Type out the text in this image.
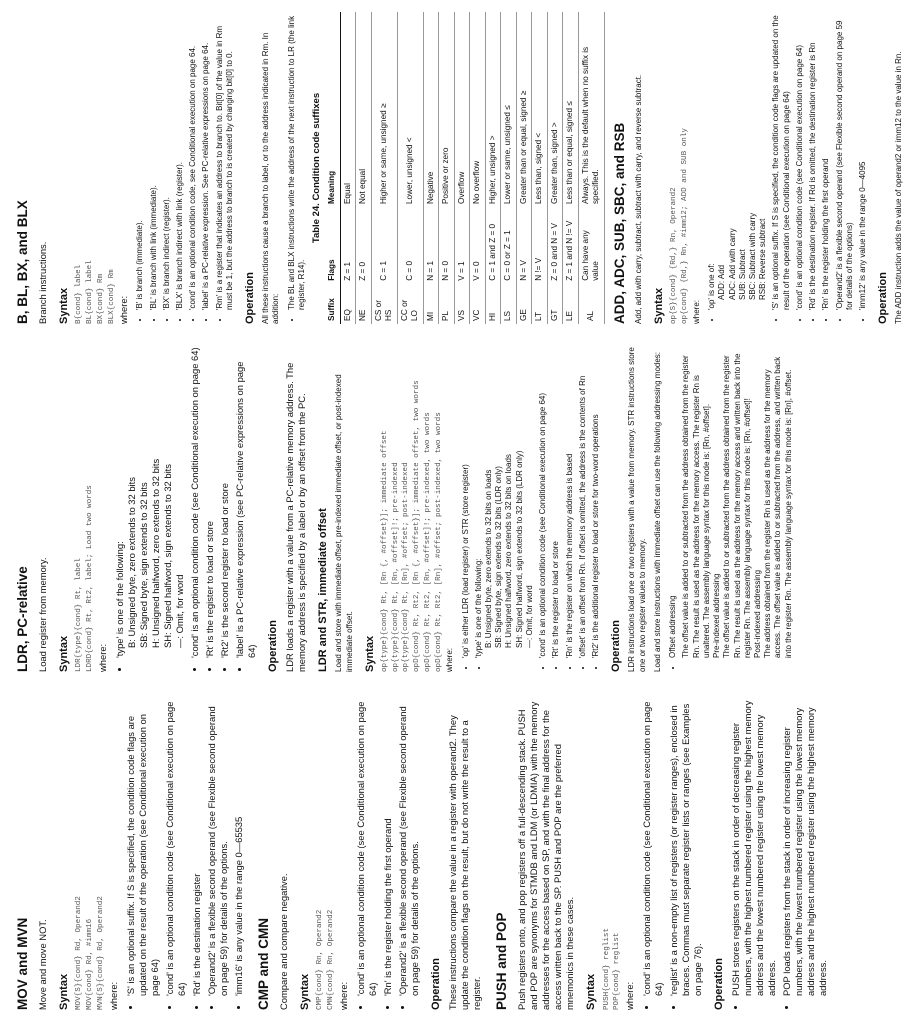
MOV and MVN Move and move NOT. Syntax MOV{S}{cond} Rd, Operand2 MOV{cond} Rd, #imm16 MVN{S}{cond} Rd, Operand2 where: • 'S' is an optional suffix. If S is specified, the condition code flags are updated on the result of the operation (see Conditional execution on page 64) • 'cond' is an optional condition code (see Conditional execution on page 64) • 'Rd' is the destination register • 'Operand2' is a flexible second operand (see Flexible second operand on page 59) for details of the options. • 'imm16' is any value in the range 0—65535 CMP and CMN Compare and compare negative. Syntax CMP{cond} Rn, Operand2 CMN{cond} Rn, Operand2 where: • 'cond' is an optional condition code (see Conditional execution on page 64) • 'Rn' is the register holding the first operand • 'Operand2' is a flexible second operand (see Flexible second operand on page 59) for details of the options. Operation These instructions compare the value in a register with operand2. They update the condition flags on the result, but do not write the result to a register. PUSH and POP Push registers onto, and pop registers off a full-descending stack. PUSH and POP are synonyms for STMDB and LDM (or LDMIA) with the memory addresses for the access based on SP, and with the final address for the access written back to the SP. PUSH and POP are the preferred mnemonics in these cases. Syntax PUSH{cond} reglist POP{cond} reglist where: • 'cond' is an optional condition code (see Conditional execution on page 64) • 'reglist' is a non-empty list of registers (or register ranges), enclosed in braces. Commas must separate register lists or ranges (see Examples on page 76). Operation • PUSH stores registers on the stack in order of decreasing register numbers, with the highest numbered register using the highest memory address and the lowest numbered register using the lowest memory address. • POP loads registers from the stack in order of increasing register numbers, with the lowest numbered register using the lowest memory address and the highest numbered register using the highest memory address.
LDR, PC-relative Load register from memory. Syntax LDR{type}{cond} Rt, label LDRD{cond} Rt, Rt2, label; Load two words where: • 'type' is one of the following: B: Unsigned byte, zero extends to 32 bits SB: Signed byte, sign extends to 32 bits H: Unsigned halfword, zero extends to 32 bits SH: Signed halfword, sign extends to 32 bits —: Omit, for word • 'cond' is an optional condition code (see Conditional execution on page 64) • 'Rt' is the register to load or store • 'Rt2' is the second register to load or store • 'label' is a PC-relative expression (see PC-relative expressions on page 64) Operation LDR loads a register with a value from a PC-relative memory address. The memory address is specified by a label or by an offset from the PC. LDR and STR, immediate offset Load and store with immediate offset, pre-indexed immediate offset, or post-indexed immediate offset. Syntax op{type}{cond} Rt, [Rn {, #offset}]; immediate offset op{type}{cond} Rt, [Rn, #offset]!; pre-indexed op{type}{cond} Rt, [Rn], #offset; post-indexed opD{cond} Rt, Rt2, [Rn {, #offset}]; immediate offset, two words opD{cond} Rt, Rt2, [Rn, #offset]!; pre-indexed, two words opD{cond} Rt, Rt2, [Rn], #offset; post-indexed, two words where:

• 'op' is either LDR (load register) or STR (store register) • 'type' is one of the following: B: Unsigned byte, zero extends to 32 bits on loads SB: Signed byte, sign extends to 32 bits (LDR only) H: Unsigned halfword, zero extends to 32 bits on loads SH: Signed halfword, sign extends to 32 bits (LDR only) —: Omit, for word • 'cond' is an optional condition code (see Conditional execution on page 64) • 'Rt' is the register to load or store • 'Rn' is the register on which the memory address is based • 'offset' is an offset from Rn. If offset is omitted, the address is the contents of Rn • 'Rt2' is the additional register to load or store for two-word operations Operation LDR instructions load one or two registers with a value from memory. STR instructions store one or two register values to memory. Load and store instructions with immediate offset can use the following addressing modes: • Offset addressing The offset value is added to or subtracted from the address obtained from the register Rn. The result is used as the address for the memory access. The register Rn is unaltered. The assembly language syntax for this mode is: [Rn, #offset]. Pre-indexed addressing The offset value is added to or subtracted from the address obtained from the register Rn. The result is used as the address for the memory access and written back into the register Rn. The assembly language syntax for this mode is: [Rn, #offset]! Post-indexed addressing The address obtained from the register Rn is used as the address for the memory access. The offset value is added to or subtracted from the address, and written back into the register Rn. The assembly language syntax for this mode is: [Rn], #offset.
B, BL, BX, and BLX Branch instructions. Syntax B{cond} label BL{cond} label BX{cond} Rm BLX{cond} Rm where: • 'B' is branch (immediate). • 'BL' is branch with link (immediate). • 'BX' is branch indirect (register). • 'BLX' is branch indirect with link (register). • 'cond' is an optional condition code, see Conditional execution on page 64. • 'label' is a PC-relative expression. See PC-relative expressions on page 64. • 'Rm' is a register that indicates an address to branch to. Bit[0] of the value in Rm must be 1, but the address to branch to is created by changing bit[0] to 0. Operation All these instructions cause a branch to label, or to the address indicated in Rm. In addition: • The BL and BLX instructions write the address of the next instruction to LR (the link register, R14).
Table 24. Condition code suffixes
Suffix	Flags	Meaning
EQ	Z = 1	Equal
NE	Z = 0	Not equal
CS or HS	C = 1	Higher or same, unsigned ≥
CC or LO	C = 0	Lower, unsigned <
MI	N = 1	Negative
PL	N = 0	Positive or zero
VS	V = 1	Overflow
VC	V = 0	No overflow
HI	C = 1 and Z = 0	Higher, unsigned >
LS	C = 0 or Z = 1	Lower or same, unsigned ≤
GE	N = V	Greater than or equal, signed ≥
LT	N != V	Less than, signed <
GT	Z = 0 and N = V	Greater than, signed >
LE	Z = 1 and N != V	Less than or equal, signed ≤
AL	Can have any value	Always. This is the default when no suffix is specified. ADD, ADC, SUB, SBC, and RSB Add, add with carry, subtract, subtract with carry, and reverse subtract. Syntax op{S}{cond} {Rd,} Rn, Operand2 op{cond} {Rd,} Rn, #imm12; ADD and SUB only where:

• 'op' is one of: ADD: Add ADC: Add with carry SUB: Subtract SBC: Subtract with carry RSB: Reverse subtract • 'S' is an optional suffix. If S is specified, the condition code flags are updated on the result of the operation (see Conditional execution on page 64) • 'cond' is an optional condition code (see Conditional execution on page 64) • 'Rd' is the destination register. If Rd is omitted, the destination register is Rn • 'Rn' is the register holding the first operand • 'Operand2' is a flexible second operand (see Flexible second operand on page 59 for details of the options) • 'imm12' is any value in the range 0—4095 Operation The ADD instruction adds the value of operand2 or imm12 to the value in Rn.
